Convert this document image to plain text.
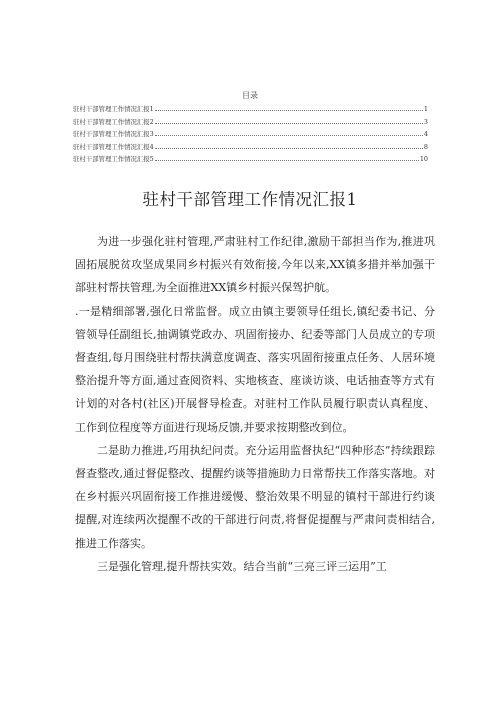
目录
驻村干部管理工作情况汇报1	1
驻村干部管理工作情况汇报2	3
驻村干部管理工作情况汇报3	4
驻村干部管理工作情况汇报4	8
驻村干部管理工作情况汇报5	10
驻村干部管理工作情况汇报1

为进一步强化驻村管理,严肃驻村工作纪律,激励干部担当作为,推进巩固拓展脱贫攻坚成果同乡村振兴有效衔接,今年以来,XX镇多措并举加强干部驻村帮扶管理,为全面推进XX镇乡村振兴保驾护航。

.一是精细部署,强化日常监督。成立由镇主要领导任组长,镇纪委书记、分管领导任副组长,抽调镇党政办、巩固衔接办、纪委等部门人员成立的专项督查组,每月围绕驻村帮扶满意度调查、落实巩固衔接重点任务、人居环境整治提升等方面,通过查阅资料、实地核查、座谈访谈、电话抽查等方式有计划的对各村(社区)开展督导检查。对驻村工作队员履行职责认真程度、工作到位程度等方面进行现场反馈,并要求按期整改到位。

二是助力推进,巧用执纪问责。充分运用监督执纪“四种形态”持续跟踪督查整改,通过督促整改、提醒约谈等措施助力日常帮扶工作落实落地。对在乡村振兴巩固衔接工作推进缓慢、整治效果不明显的镇村干部进行约谈提醒,对连续两次提醒不改的干部进行问责,将督促提醒与严肃问责相结合,推进工作落实。

三是强化管理,提升帮扶实效。结合当前“三亮三评三运用”工
